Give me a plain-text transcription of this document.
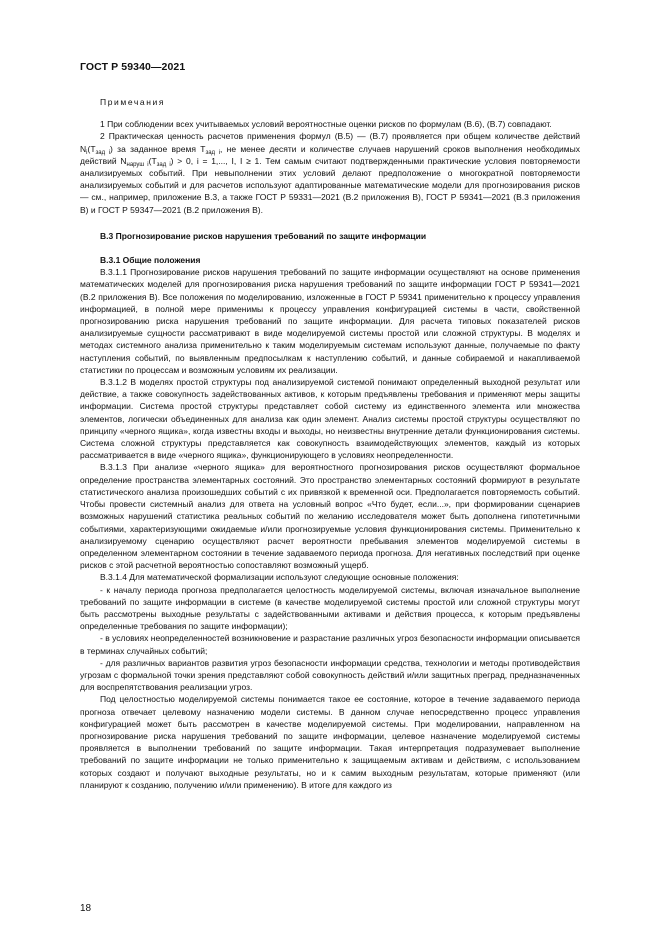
ГОСТ Р 59340—2021

Примечания

1 При соблюдении всех учитываемых условий вероятностные оценки рисков по формулам (В.6), (В.7) совпадают.

2 Практическая ценность расчетов применения формул (В.5) — (В.7) проявляется при общем количестве действий $N_i(T_{зад i})$ за заданное время $T_{зад i}$, не менее десяти и количестве случаев нарушений сроков выполнения необходимых действий $N_{наруш i}(T_{зад i}) > 0$, i = 1,..., I, I ≥ 1. Тем самым считают подтвержденными практические условия повторяемости анализируемых событий. При невыполнении этих условий делают предположение о многократной повторяемости анализируемых событий и для расчетов используют адаптированные математические модели для прогнозирования рисков — см., например, приложение В.3, а также ГОСТ Р 59331—2021 (В.2 приложения В), ГОСТ Р 59341—2021 (В.3 приложения В) и ГОСТ Р 59347—2021 (В.2 приложения В).

В.3 Прогнозирование рисков нарушения требований по защите информации

В.3.1 Общие положения

В.3.1.1 Прогнозирование рисков нарушения требований по защите информации осуществляют на основе применения математических моделей для прогнозирования риска нарушения требований по защите информации ГОСТ Р 59341—2021 (В.2 приложения В). Все положения по моделированию, изложенные в ГОСТ Р 59341 применительно к процессу управления информацией, в полной мере применимы к процессу управления конфигурацией системы в части, свойственной прогнозированию риска нарушения требований по защите информации. Для расчета типовых показателей рисков анализируемые сущности рассматривают в виде моделируемой системы простой или сложной структуры. В моделях и методах системного анализа применительно к таким моделируемым системам используют данные, получаемые по факту наступления событий, по выявленным предпосылкам к наступлению событий, и данные собираемой и накапливаемой статистики по процессам и возможным условиям их реализации.

В.3.1.2 В моделях простой структуры под анализируемой системой понимают определенный выходной результат или действие, а также совокупность задействованных активов, к которым предъявлены требования и применяют меры защиты информации. Система простой структуры представляет собой систему из единственного элемента или множества элементов, логически объединенных для анализа как один элемент. Анализ системы простой структуры осуществляют по принципу «черного ящика», когда известны входы и выходы, но неизвестны внутренние детали функционирования системы. Система сложной структуры представляется как совокупность взаимодействующих элементов, каждый из которых рассматривается в виде «черного ящика», функционирующего в условиях неопределенности.

В.3.1.3 При анализе «черного ящика» для вероятностного прогнозирования рисков осуществляют формальное определение пространства элементарных состояний. Это пространство элементарных состояний формируют в результате статистического анализа произошедших событий с их привязкой к временной оси. Предполагается повторяемость событий. Чтобы провести системный анализ для ответа на условный вопрос «Что будет, если...», при формировании сценариев возможных нарушений статистика реальных событий по желанию исследователя может быть дополнена гипотетичными событиями, характеризующими ожидаемые и/или прогнозируемые условия функционирования системы. Применительно к анализируемому сценарию осуществляют расчет вероятности пребывания элементов моделируемой системы в определенном элементарном состоянии в течение задаваемого периода прогноза. Для негативных последствий при оценке рисков с этой расчетной вероятностью сопоставляют возможный ущерб.

В.3.1.4 Для математической формализации используют следующие основные положения:

- к началу периода прогноза предполагается целостность моделируемой системы, включая изначальное выполнение требований по защите информации в системе (в качестве моделируемой системы простой или сложной структуры могут быть рассмотрены выходные результаты с задействованными активами и действия процесса, к которым предъявлены определенные требования по защите информации);

- в условиях неопределенностей возникновение и разрастание различных угроз безопасности информации описывается в терминах случайных событий;

- для различных вариантов развития угроз безопасности информации средства, технологии и методы противодействия угрозам с формальной точки зрения представляют собой совокупность действий и/или защитных преград, предназначенных для воспрепятствования реализации угроз.

Под целостностью моделируемой системы понимается такое ее состояние, которое в течение задаваемого периода прогноза отвечает целевому назначению модели системы. В данном случае непосредственно процесс управления конфигурацией может быть рассмотрен в качестве моделируемой системы. При моделировании, направленном на прогнозирование риска нарушения требований по защите информации, целевое назначение моделируемой системы проявляется в выполнении требований по защите информации. Такая интерпретация подразумевает выполнение требований по защите информации не только применительно к защищаемым активам и действиям, с использованием которых создают и получают выходные результаты, но и к самим выходным результатам, которые применяют (или планируют к созданию, получению и/или применению). В итоге для каждого из

18
